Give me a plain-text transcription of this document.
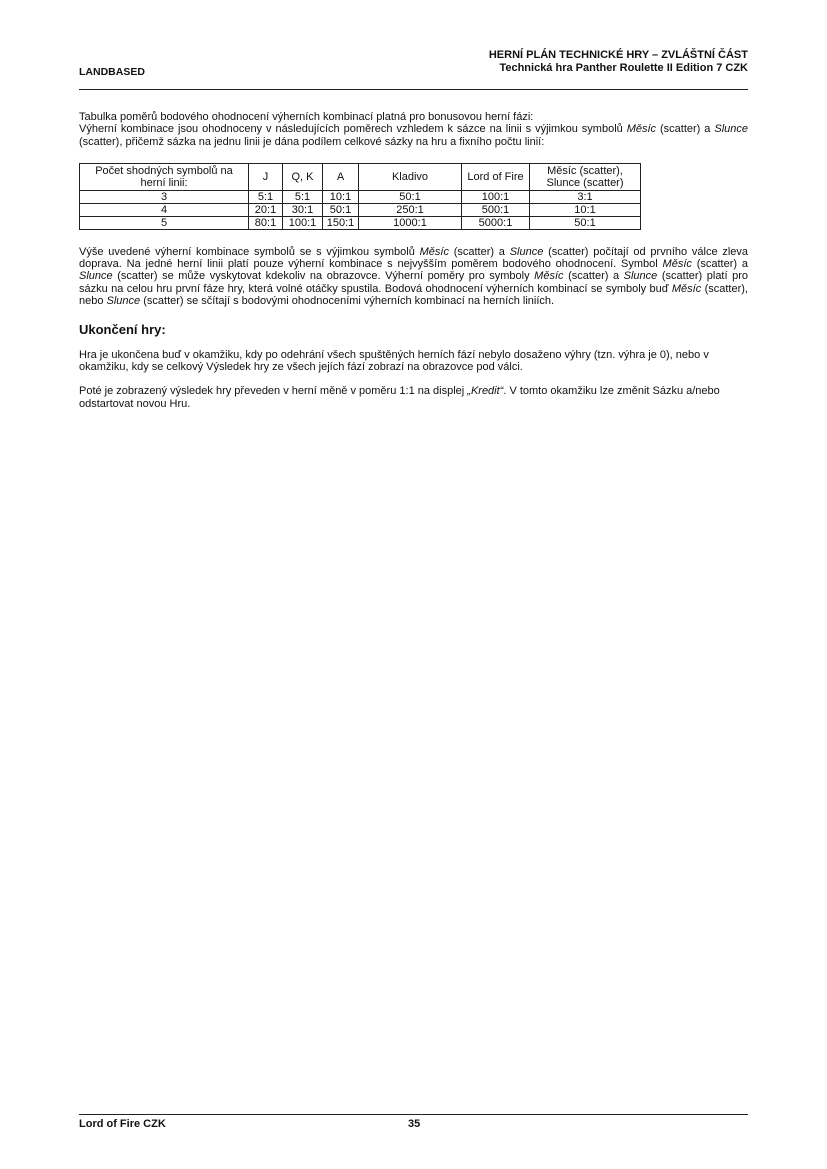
LANDBASED
HERNÍ PLÁN TECHNICKÉ HRY – ZVLÁŠTNÍ ČÁST
Technická hra Panther Roulette II Edition 7 CZK

Tabulka poměrů bodového ohodnocení výherních kombinací platná pro bonusovou herní fázi:

Výherní kombinace jsou ohodnoceny v následujících poměrech vzhledem k sázce na linii s výjimkou symbolů Měsíc (scatter) a Slunce (scatter), přičemž sázka na jednu linii je dána podílem celkové sázky na hru a fixního počtu linií:

Počet shodných symbolů na herní linii:	J	Q, K	A	Kladivo	Lord of Fire	Měsíc (scatter), Slunce (scatter)
3	5:1	5:1	10:1	50:1	100:1	3:1
4	20:1	30:1	50:1	250:1	500:1	10:1
5	80:1	100:1	150:1	1000:1	5000:1	50:1

Výše uvedené výherní kombinace symbolů se s výjimkou symbolů Měsíc (scatter) a Slunce (scatter) počítají od prvního válce zleva doprava. Na jedné herní linii platí pouze výherní kombinace s nejvyšším poměrem bodového ohodnocení. Symbol Měsíc (scatter) a Slunce (scatter) se může vyskytovat kdekoliv na obrazovce. Výherní poměry pro symboly Měsíc (scatter) a Slunce (scatter) platí pro sázku na celou hru první fáze hry, která volné otáčky spustila. Bodová ohodnocení výherních kombinací se symboly buď Měsíc (scatter), nebo Slunce (scatter) se sčítají s bodovými ohodnoceními výherních kombinací na herních liniích.

Ukončení hry:

Hra je ukončena buď v okamžiku, kdy po odehrání všech spuštěných herních fází nebylo dosaženo výhry (tzn. výhra je 0), nebo v okamžiku, kdy se celkový Výsledek hry ze všech jejích fází zobrazí na obrazovce pod válci.

Poté je zobrazený výsledek hry převeden v herní měně v poměru 1:1 na displej „Kredit“. V tomto okamžiku lze změnit Sázku a/nebo odstartovat novou Hru.

Lord of Fire CZK	35
